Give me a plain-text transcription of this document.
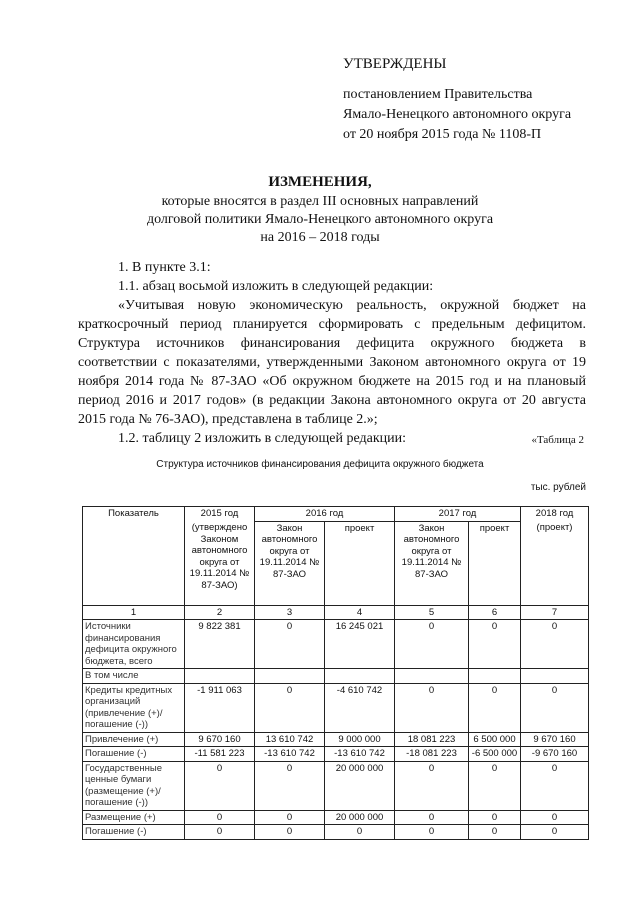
УТВЕРЖДЕНЫ
постановлением Правительства
Ямало-Ненецкого автономного округа
от 20 ноября 2015 года № 1108-П
ИЗМЕНЕНИЯ,
которые вносятся в раздел III основных направлений
долговой политики Ямало-Ненецкого автономного округа
на 2016 – 2018 годы

1. В пункте 3.1:

1.1. абзац восьмой изложить в следующей редакции:

«Учитывая новую экономическую реальность, окружной бюджет на краткосрочный период планируется сформировать с предельным дефицитом. Структура источников финансирования дефицита окружного бюджета в соответствии с показателями, утвержденными Законом автономного округа от 19 ноября 2014 года № 87-ЗАО «Об окружном бюджете на 2015 год и на плановый период 2016 и 2017 годов» (в редакции Закона автономного округа от 20 августа 2015 года № 76-ЗАО), представлена в таблице 2.»;

1.2. таблицу 2 изложить в следующей редакции:	«Таблица 2
Структура источников финансирования дефицита окружного бюджета
тыс. рублей
Показатель	2015 год	2016 год		2017 год		2018 год
	(утверждено Законом автономного округа от 19.11.2014 № 87-ЗАО)	Закон автономного округа от 19.11.2014 № 87-ЗАО	проект	Закон автономного округа от 19.11.2014 № 87-ЗАО	проект	(проект)
1	2	3	4	5	6	7
Источники финансирования дефицита окружного бюджета, всего	9 822 381	0	16 245 021	0	0	0
В том числе						
Кредиты кредитных организаций (привлечение (+)/ погашение (-))	-1 911 063	0	-4 610 742	0	0	0
Привлечение (+)	9 670 160	13 610 742	9 000 000	18 081 223	6 500 000	9 670 160
Погашение (-)	-11 581 223	-13 610 742	-13 610 742	-18 081 223	-6 500 000	-9 670 160
Государственные ценные бумаги (размещение (+)/ погашение (-))	0	0	20 000 000	0	0	0
Размещение (+)	0	0	20 000 000	0	0	0
Погашение (-)	0	0	0	0	0	0
